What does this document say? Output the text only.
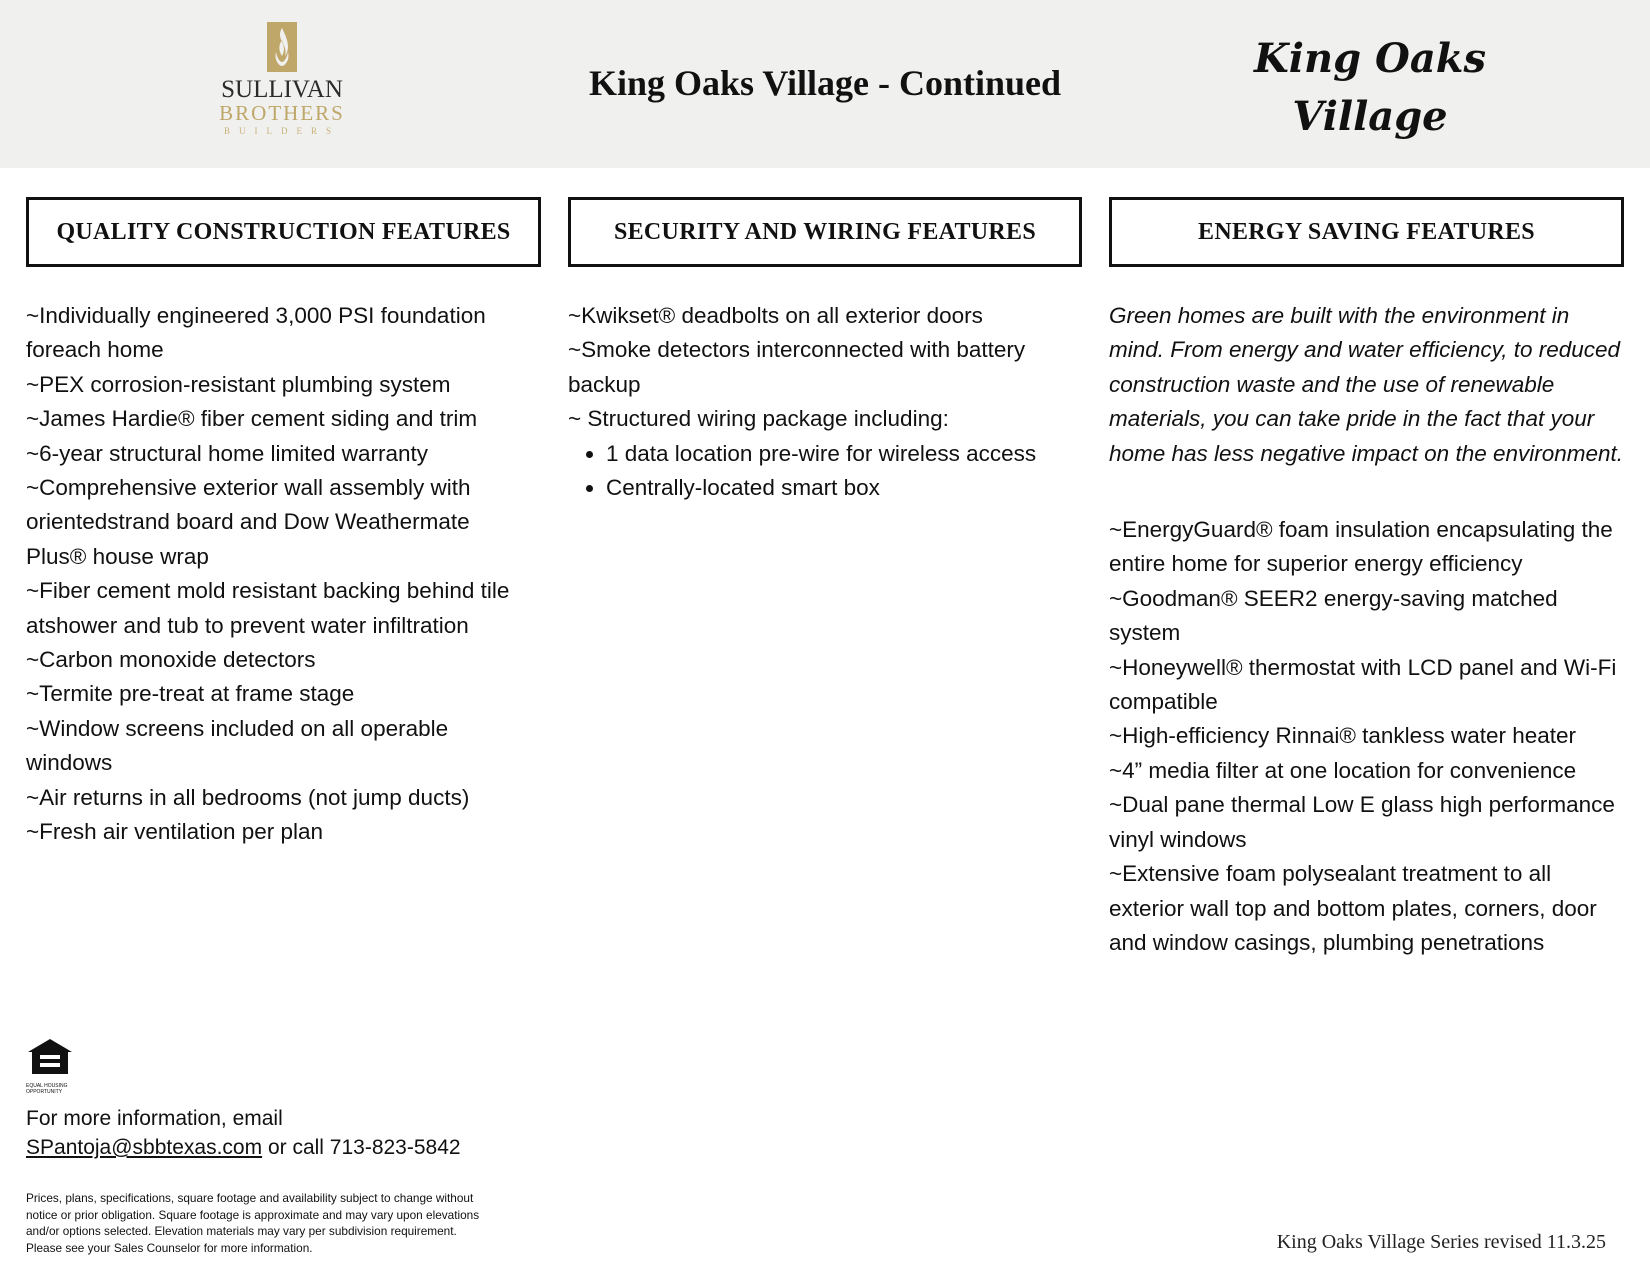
SULLIVAN
BROTHERS
BUILDERS
King Oaks Village - Continued
King Oaks
Village
QUALITY CONSTRUCTION FEATURES	SECURITY AND WIRING FEATURES	ENERGY SAVING FEATURES

~Individually engineered 3,000 PSI foundation foreach home

~PEX corrosion-resistant plumbing system

~James Hardie® fiber cement siding and trim

~6-year structural home limited warranty

~Comprehensive exterior wall assembly with orientedstrand board and Dow Weathermate Plus® house wrap

~Fiber cement mold resistant backing behind tile atshower and tub to prevent water infiltration

~Carbon monoxide detectors

~Termite pre-treat at frame stage

~Window screens included on all operable windows

~Air returns in all bedrooms (not jump ducts)

~Fresh air ventilation per plan

~Kwikset® deadbolts on all exterior doors

~Smoke detectors interconnected with battery backup

~ Structured wiring package including:

• 1 data location pre-wire for wireless access
• Centrally-located smart box

Green homes are built with the environment in mind. From energy and water efficiency, to reduced construction waste and the use of renewable materials, you can take pride in the fact that your home has less negative impact on the environment.

~EnergyGuard® foam insulation encapsulating the entire home for superior energy efficiency

~Goodman® SEER2 energy-saving matched system

~Honeywell® thermostat with LCD panel and Wi-Fi compatible

~High-efficiency Rinnai® tankless water heater

~4” media filter at one location for convenience

~Dual pane thermal Low E glass high performance vinyl windows

~Extensive foam polysealant treatment to all exterior wall top and bottom plates, corners, door and window casings, plumbing penetrations

EQUAL HOUSING OPPORTUNITY
For more information, email
SPantoja@sbbtexas.com or call 713-823-5842
Prices, plans, specifications, square footage and availability subject to change without notice or prior obligation. Square footage is approximate and may vary upon elevations and/or options selected. Elevation materials may vary per subdivision requirement. Please see your Sales Counselor for more information.	King Oaks Village Series revised 11.3.25
